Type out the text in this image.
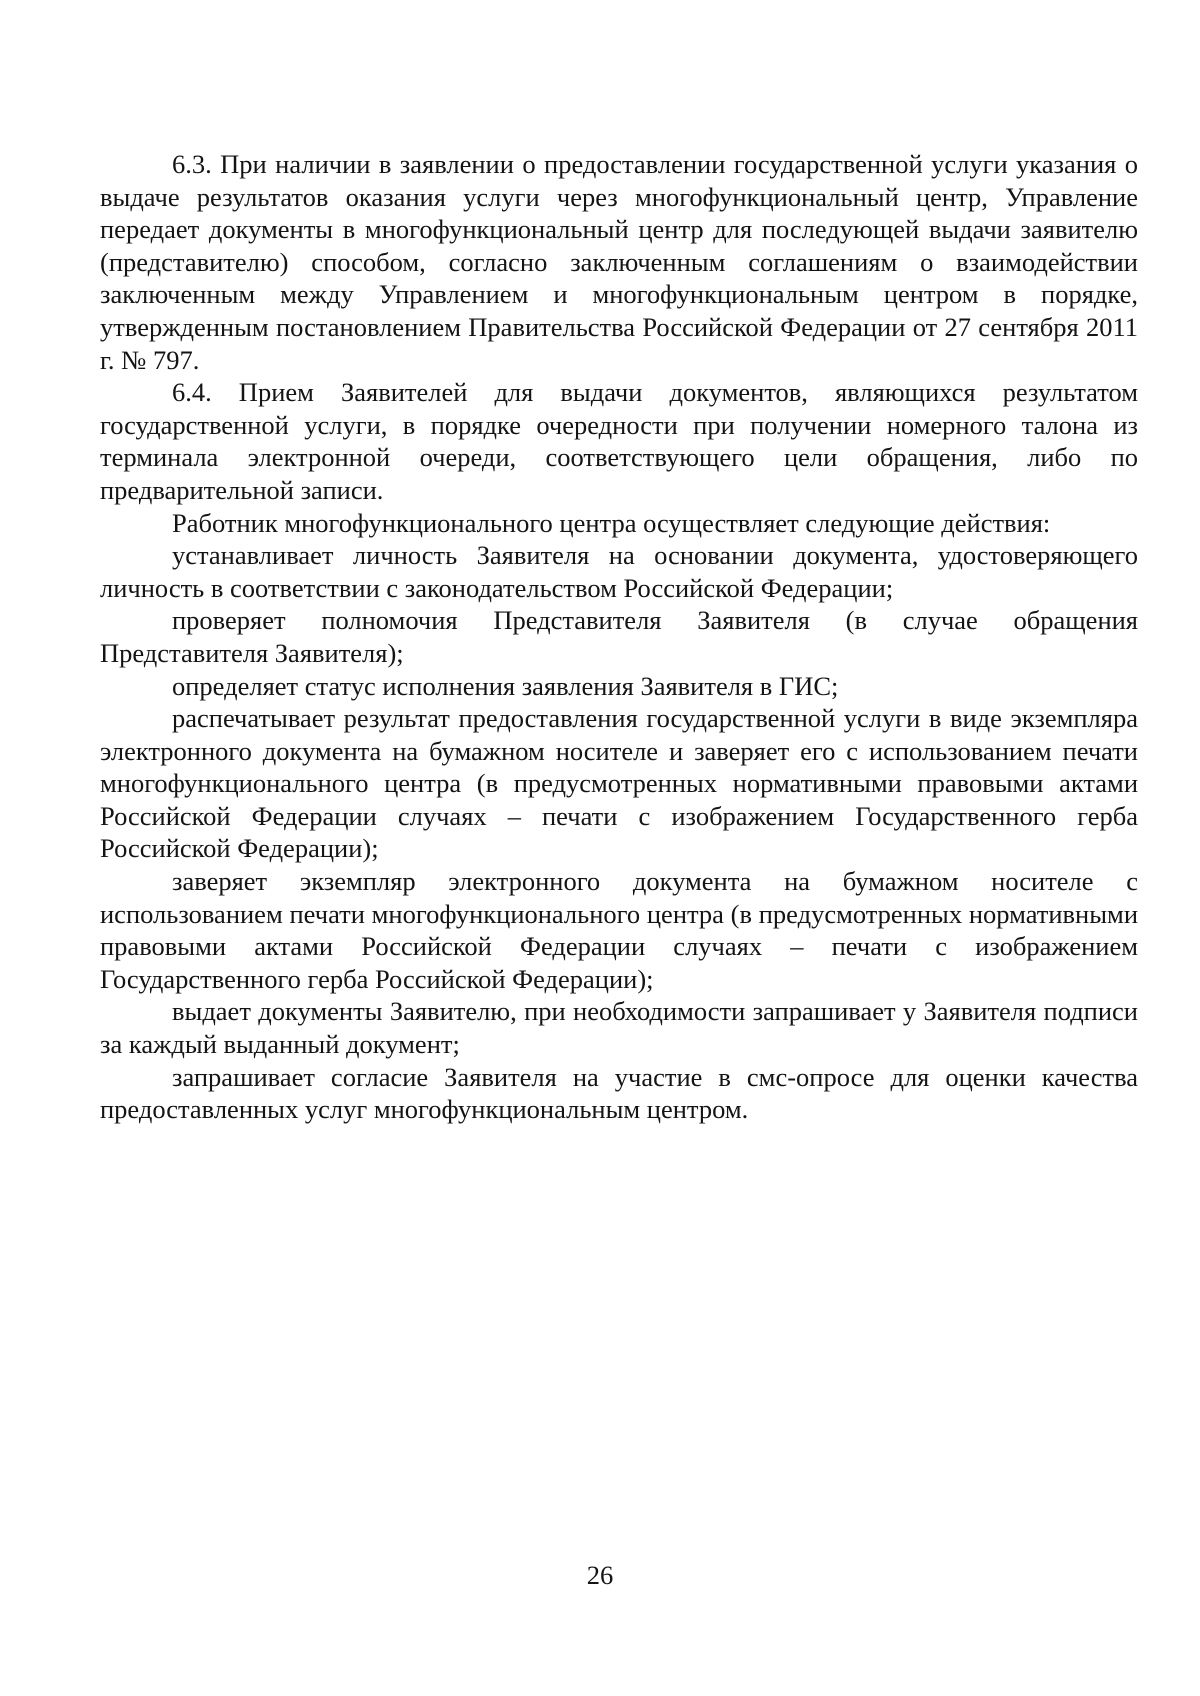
6.3. При наличии в заявлении о предоставлении государственной услуги указания о выдаче результатов оказания услуги через многофункциональный центр, Управление передает документы в многофункциональный центр для последующей выдачи заявителю (представителю) способом, согласно заключенным соглашениям о взаимодействии заключенным между Управлением и многофункциональным центром в порядке, утвержденным постановлением Правительства Российской Федерации от 27 сентября 2011 г. № 797.

6.4. Прием Заявителей для выдачи документов, являющихся результатом государственной услуги, в порядке очередности при получении номерного талона из терминала электронной очереди, соответствующего цели обращения, либо по предварительной записи.

Работник многофункционального центра осуществляет следующие действия:

устанавливает личность Заявителя на основании документа, удостоверяющего личность в соответствии с законодательством Российской Федерации;

проверяет полномочия Представителя Заявителя (в случае обращения Представителя Заявителя);

определяет статус исполнения заявления Заявителя в ГИС;

распечатывает результат предоставления государственной услуги в виде экземпляра электронного документа на бумажном носителе и заверяет его с использованием печати многофункционального центра (в предусмотренных нормативными правовыми актами Российской Федерации случаях – печати с изображением Государственного герба Российской Федерации);

заверяет экземпляр электронного документа на бумажном носителе с использованием печати многофункционального центра (в предусмотренных нормативными правовыми актами Российской Федерации случаях – печати с изображением Государственного герба Российской Федерации);

выдает документы Заявителю, при необходимости запрашивает у Заявителя подписи за каждый выданный документ;

запрашивает согласие Заявителя на участие в смс-опросе для оценки качества предоставленных услуг многофункциональным центром.

26
